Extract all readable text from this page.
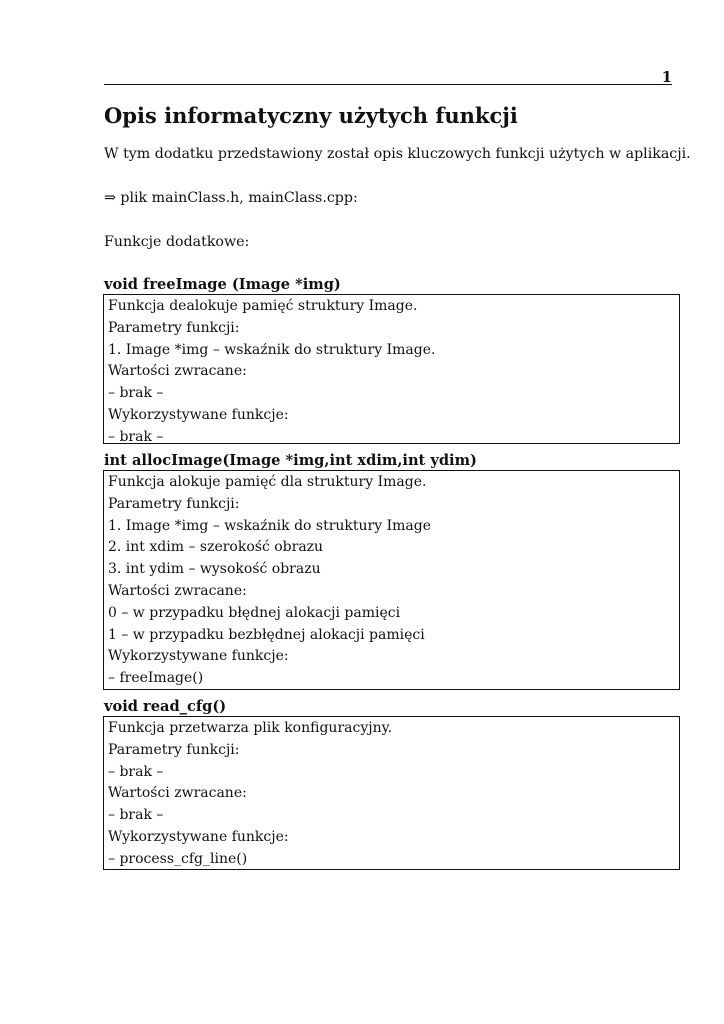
1
Opis informatyczny użytych funkcji
W tym dodatku przedstawiony został opis kluczowych funkcji użytych w aplikacji.
⇒ plik mainClass.h, mainClass.cpp:
Funkcje dodatkowe:
void freeImage (Image *img)
Funkcja dealokuje pamięć struktury Image.
Parametry funkcji:
1. Image *img – wskaźnik do struktury Image.
Wartości zwracane:
– brak –
Wykorzystywane funkcje:
– brak –
int allocImage(Image *img,int xdim,int ydim)
Funkcja alokuje pamięć dla struktury Image.
Parametry funkcji:
1. Image *img – wskaźnik do struktury Image
2. int xdim – szerokość obrazu
3. int ydim – wysokość obrazu
Wartości zwracane:
0 – w przypadku błędnej alokacji pamięci
1 – w przypadku bezbłędnej alokacji pamięci
Wykorzystywane funkcje:
– freeImage()
void read_cfg()
Funkcja przetwarza plik konfiguracyjny.
Parametry funkcji:
– brak –
Wartości zwracane:
– brak –
Wykorzystywane funkcje:
– process_cfg_line()
